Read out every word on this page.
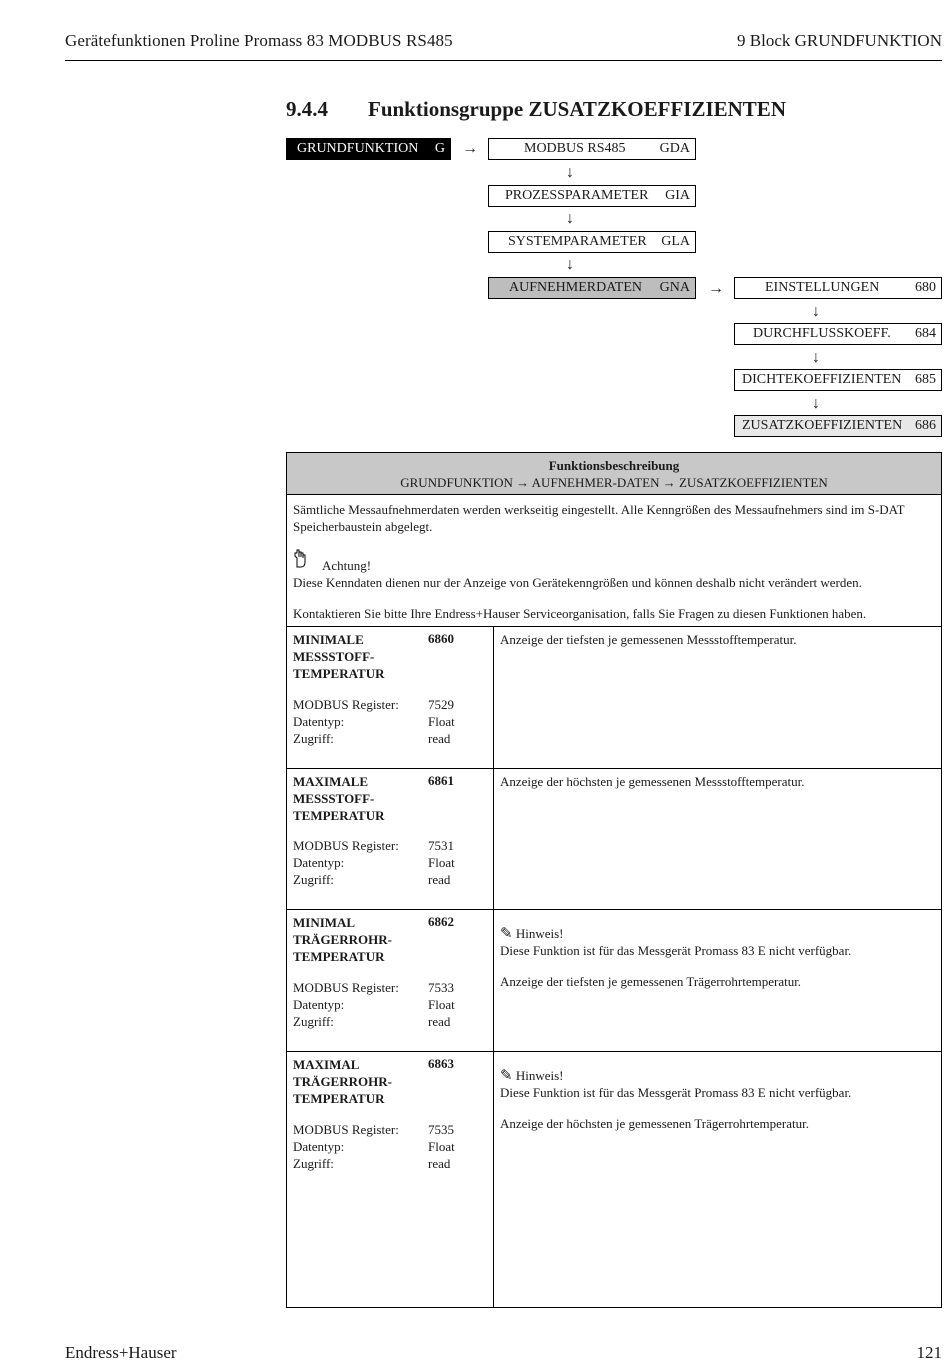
Gerätefunktionen Proline Promass 83 MODBUS RS485	9 Block GRUNDFUNKTION
9.4.4 Funktionsgruppe ZUSATZKOEFFIZIENTEN
GRUNDFUNKTION G →	MODBUS RS485 GDA
↓
PROZESSPARAMETER GIA
↓
SYSTEMPARAMETER GLA
↓
AUFNEHMERDATEN GNA →	EINSTELLUNGEN	680
↓
DURCHFLUSSKOEFF. 684
↓
DICHTEKOEFFIZIENTEN 685
↓
ZUSATZKOEFFIZIENTEN 686
Funktionsbeschreibung
GRUNDFUNKTION → AUFNEHMER-DATEN → ZUSATZKOEFFIZIENTEN
Sämtliche Messaufnehmerdaten werden werkseitig eingestellt. Alle Kenngrößen des Messaufnehmers sind im S-DAT Speicherbaustein abgelegt.
Achtung!
Diese Kenndaten dienen nur der Anzeige von Gerätekenngrößen und können deshalb nicht verändert werden.
Kontaktieren Sie bitte Ihre Endress+Hauser Serviceorganisation, falls Sie Fragen zu diesen Funktionen haben.
MINIMALE MESSSTOFF-TEMPERATUR
6860
MODBUS Register: 7529
Datentyp:	Float
Zugriff:	read
Anzeige der tiefsten je gemessenen Messstofftemperatur.
MAXIMALE MESSSTOFF-TEMPERATUR
6861
MODBUS Register: 7531
Datentyp:	Float
Zugriff:	read
Anzeige der höchsten je gemessenen Messstofftemperatur.
MINIMAL TRÄGERROHR-TEMPERATUR
6862
MODBUS Register: 7533
Datentyp:	Float
Zugriff:	read
✎ Hinweis!
Diese Funktion ist für das Messgerät Promass 83 E nicht verfügbar.
Anzeige der tiefsten je gemessenen Trägerrohrtemperatur.
MAXIMAL TRÄGERROHR-TEMPERATUR
6863
MODBUS Register: 7535
Datentyp:	Float
Zugriff:	read
✎ Hinweis!
Diese Funktion ist für das Messgerät Promass 83 E nicht verfügbar.
Anzeige der höchsten je gemessenen Trägerrohrtemperatur.
Endress+Hauser	121
